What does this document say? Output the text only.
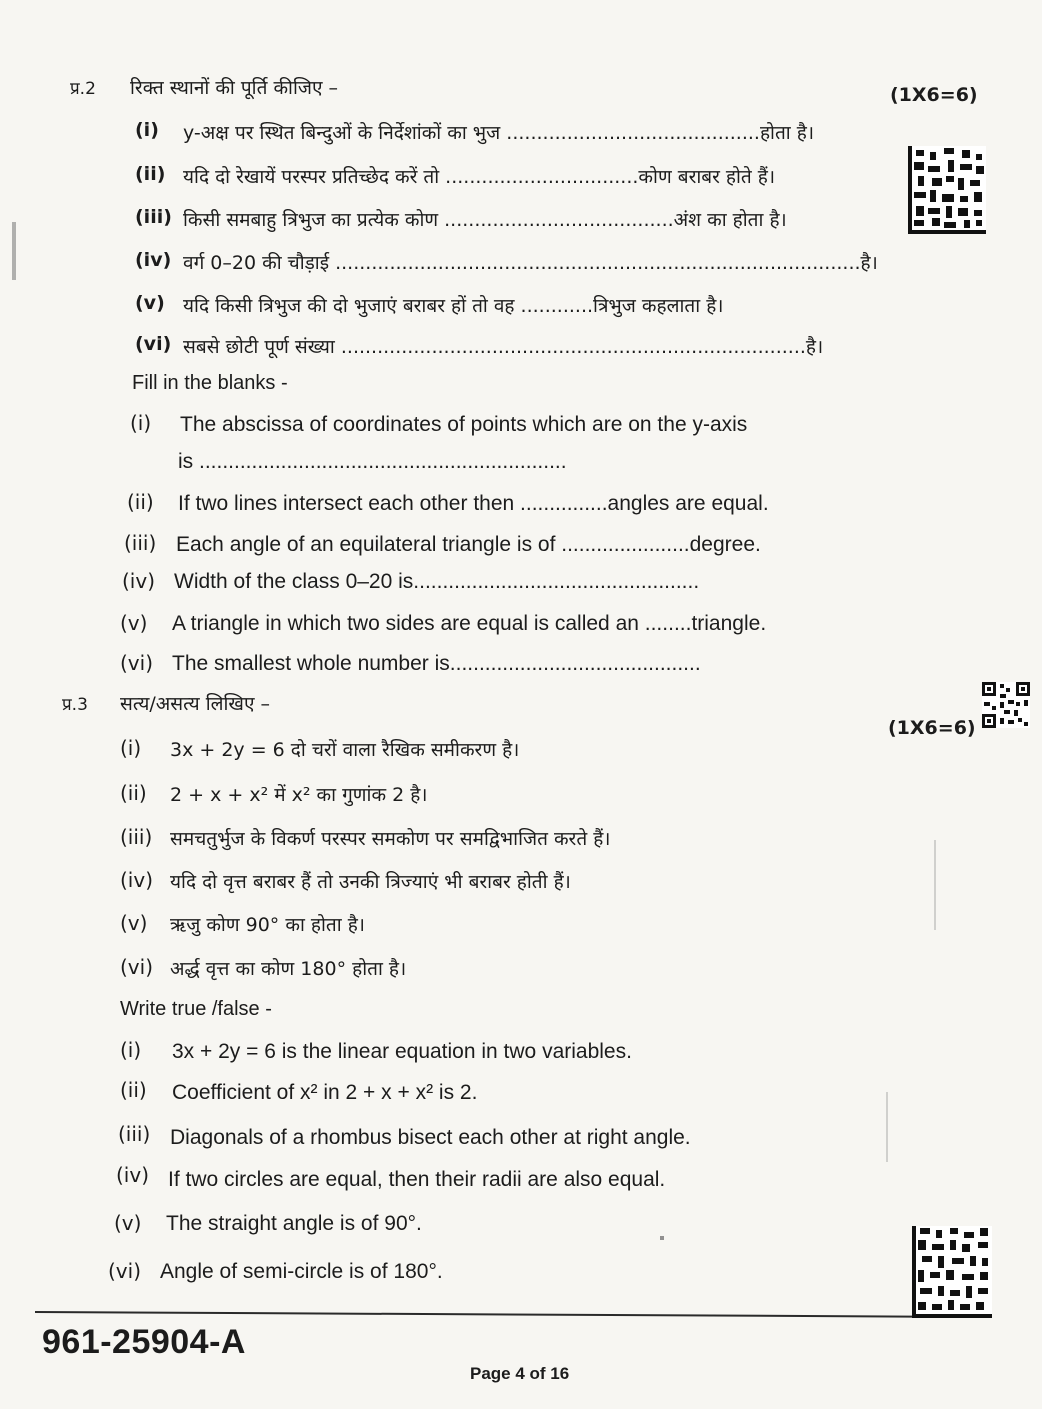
प्र.2 रिक्त स्थानों की पूर्ति कीजिए –	(1X6=6)
(i) y-अक्ष पर स्थित बिन्दुओं के निर्देशांकों का भुज ..........................................होता है।
(ii) यदि दो रेखायें परस्पर प्रतिच्छेद करें तो ................................कोण बराबर होते हैं।
(iii) किसी समबाहु त्रिभुज का प्रत्येक कोण ......................................अंश का होता है।
(iv) वर्ग 0–20 की चौड़ाई .......................................................................................है।
(v) यदि किसी त्रिभुज की दो भुजाएं बराबर हों तो वह ............त्रिभुज कहलाता है।
(vi) सबसे छोटी पूर्ण संख्या .............................................................................है।
Fill in the blanks -
(i) The abscissa of coordinates of points which are on the y-axis
is ...............................................................
(ii) If two lines intersect each other then ...............angles are equal.
(iii) Each angle of an equilateral triangle is of ......................degree.
(iv) Width of the class 0–20 is.................................................
(v) A triangle in which two sides are equal is called an ........triangle.
(vi) The smallest whole number is...........................................
प्र.3 सत्य/असत्य लिखिए –
(1X6=6)
(i) 3x + 2y = 6 दो चरों वाला रैखिक समीकरण है।
(ii) 2 + x + x² में x² का गुणांक 2 है।
(iii) समचतुर्भुज के विकर्ण परस्पर समकोण पर समद्विभाजित करते हैं।
(iv) यदि दो वृत्त बराबर हैं तो उनकी त्रिज्याएं भी बराबर होती हैं।
(v) ऋजु कोण 90° का होता है।
(vi) अर्द्ध वृत्त का कोण 180° होता है।
Write true /false -
(i) 3x + 2y = 6 is the linear equation in two variables.
(ii) Coefficient of x² in 2 + x + x² is 2.
(iii) Diagonals of a rhombus bisect each other at right angle.
(iv) If two circles are equal, then their radii are also equal.
(v) The straight angle is of 90°.
(vi) Angle of semi-circle is of 180°.
961-25904-A
Page 4 of 16
